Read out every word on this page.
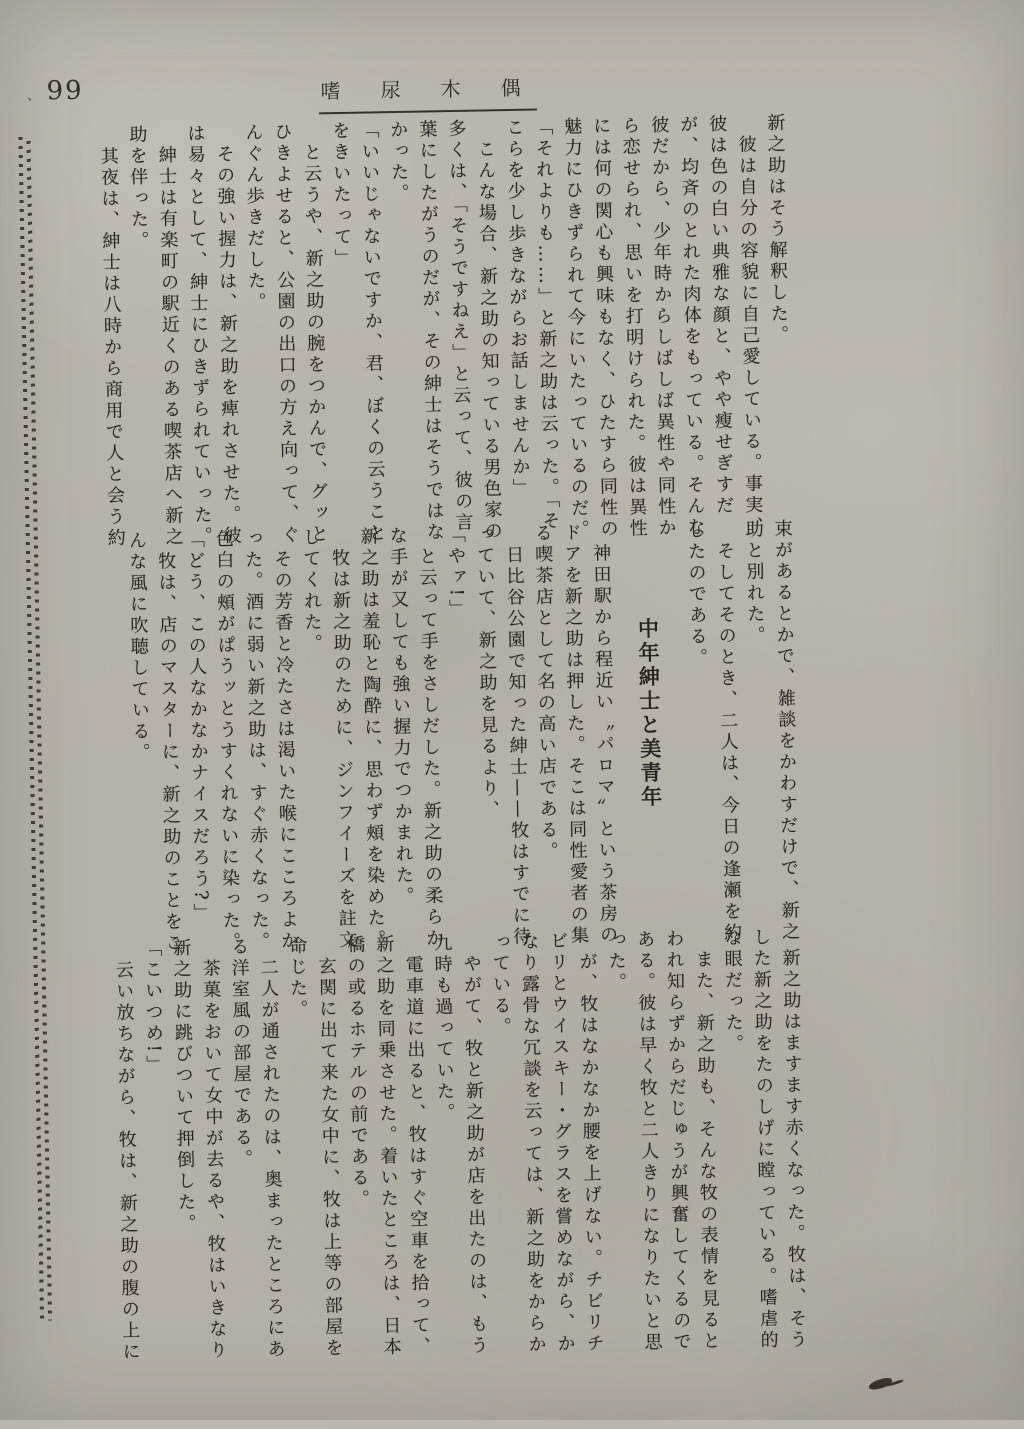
、 99	嗜　尿　木　偶
新之助はそう解釈した。
　彼は自分の容貌に自己愛している。事実、
彼は色の白い典雅な顔と、やや瘦せぎすだ
が、均斉のとれた肉体をもっている。そんな
彼だから、少年時からしばしば異性や同性か
ら恋せられ、思いを打明けられた。彼は異性
には何の関心も興味もなく、ひたすら同性の
魅力にひきずられて今にいたっているのだ。
「それよりも……」と新之助は云った。「そ
こらを少し歩きながらお話しませんか」
　こんな場合、新之助の知っている男色家の
多くは、「そうですねえ」と云って、彼の言
葉にしたがうのだが、その紳士はそうではな
かった。
「いいじゃないですか、君、ぼくの云うこと
をきいたって」
　と云うや、新之助の腕をつかんで、グッと
ひきよせると、公園の出口の方え向って、ぐ
んぐん歩きだした。
　その強い握力は、新之助を痺れさせた。彼
は易々として、紳士にひきずられていった。
　紳士は有楽町の駅近くのある喫茶店へ新之
助を伴った。
　其夜は、紳士は八時から商用で人と会う約
束があるとかで、雑談をかわすだけで、新之
助と別れた。
　そしてそのとき、二人は、今日の逢瀬を約
したのである。
中年紳士と美青年
　神田駅から程近い〝パロマ〟という茶房の
ドアを新之助は押した。そこは同性愛者の集
る喫茶店として名の高い店である。
　日比谷公園で知った紳士——牧はすでに待
っていて、新之助を見るより、
「やァ!」
　と云って手をさしだした。新之助の柔らか
な手が又しても強い握力でつかまれた。
新之助は羞恥と陶酔に、思わず頰を染めた。
　牧は新之助のために、ジンフイーズを註文
してくれた。
　その芳香と冷たさは渇いた喉にこころよか
った。酒に弱い新之助は、すぐ赤くなった。
色白の頰がぱうッとうすくれないに染った。
「どう、この人なかなかナイスだろう?」
　牧は、店のマスターに、新之助のことをこ
んな風に吹聴している。
　新之助はますます赤くなった。牧は、そう
した新之助をたのしげに瞠っている。嗜虐的
な眼だった。
　また、新之助も、そんな牧の表情を見ると
われ知らずからだじゅうが興奮してくるので
ある。彼は早く牧と二人きりになりたいと思
った。
　が、牧はなかなか腰を上げない。チビリチ
ビリとウイスキー・グラスを嘗めながら、か
なり露骨な冗談を云っては、新之助をからか
っている。
　やがて、牧と新之助が店を出たのは、もう
九時も過っていた。
　電車道に出ると、牧はすぐ空車を拾って、
新之助を同乗させた。着いたところは、日本
橋の或るホテルの前である。
　玄関に出て来た女中に、牧は上等の部屋を
命じた。
　二人が通されたのは、奥まったところにあ
る洋室風の部屋である。
　茶菓をおいて女中が去るや、牧はいきなり
新之助に跳びついて押倒した。
「こいつめ!」
　云い放ちながら、牧は、新之助の腹の上に
